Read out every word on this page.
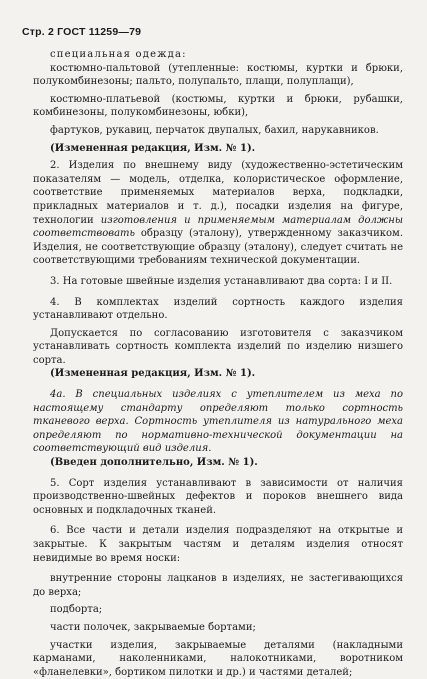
Стр. 2 ГОСТ 11259—79

специальная одежда:

костюмно-пальтовой (утепленные: костюмы, куртки и брюки, полукомбинезоны; пальто, полупальто, плащи, полуплащи),

костюмно-платьевой (костюмы, куртки и брюки, рубашки, комбинезоны, полукомбинезоны, юбки),

фартуков, рукавиц, перчаток двупалых, бахил, нарукавников.

(Измененная редакция, Изм. № 1).

2. Изделия по внешнему виду (художественно-эстетическим показателям — модель, отделка, колористическое оформление, соответствие применяемых материалов верха, подкладки, прикладных материалов и т. д.), посадки изделия на фигуре, технологии изготовления и применяемым материалам должны соответствовать образцу (эталону), утвержденному заказчиком. Изделия, не соответствующие образцу (эталону), следует считать не соответствующими требованиям технической документации.

3. На готовые швейные изделия устанавливают два сорта: I и II.

4. В комплектах изделий сортность каждого изделия устанавливают отдельно.

Допускается по согласованию изготовителя с заказчиком устанавливать сортность комплекта изделий по изделию низшего сорта.

(Измененная редакция, Изм. № 1).

4а. В специальных изделиях с утеплителем из меха по настоящему стандарту определяют только сортность тканевого верха. Сортность утеплителя из натурального меха определяют по нормативно-технической документации на соответствующий вид изделия.

(Введен дополнительно, Изм. № 1).

5. Сорт изделия устанавливают в зависимости от наличия производственно-швейных дефектов и пороков внешнего вида основных и подкладочных тканей.

6. Все части и детали изделия подразделяют на открытые и закрытые. К закрытым частям и деталям изделия относят невидимые во время носки:

внутренние стороны лацканов в изделиях, не застегивающихся до верха;

подборта;

части полочек, закрываемые бортами;

участки изделия, закрываемые деталями (накладными карманами, наколенниками, налокотниками, воротником «фланелевки», бортиком пилотки и др.) и частями деталей;
